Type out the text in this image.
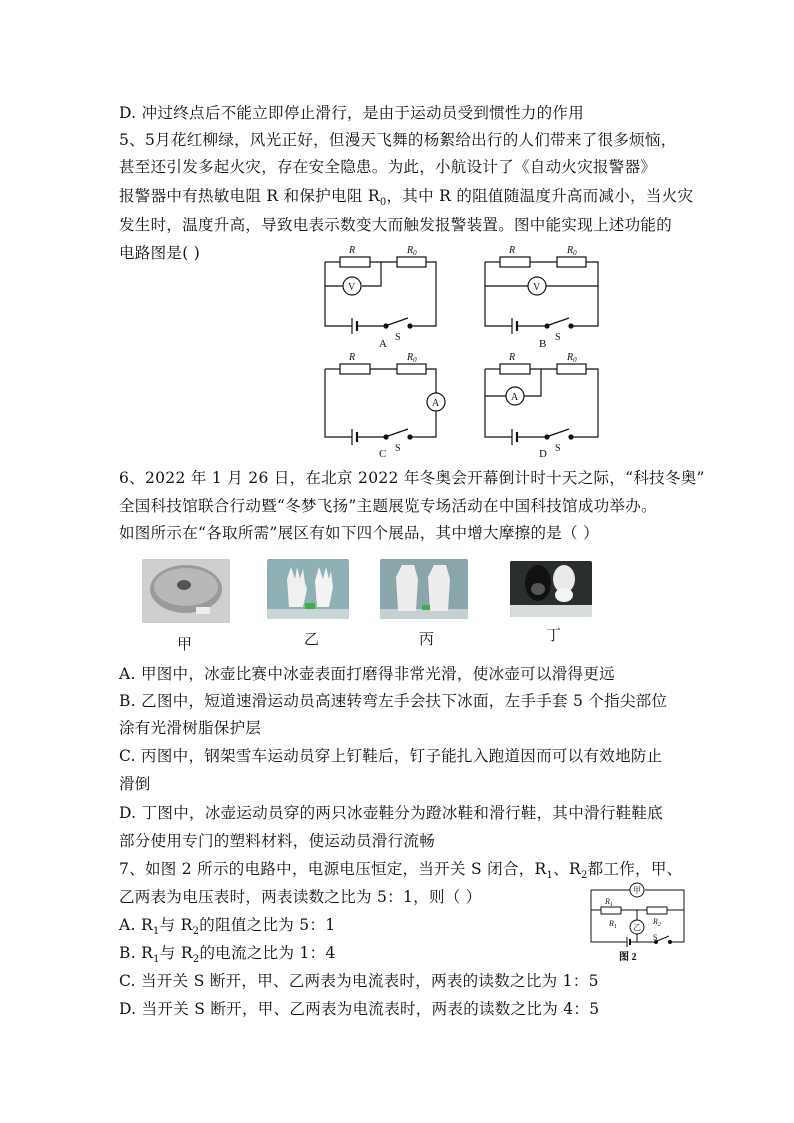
D. 冲过终点后不能立即停止滑行，是由于运动员受到惯性力的作用
5、5月花红柳绿，风光正好，但漫天飞舞的杨絮给出行的人们带来了很多烦恼，
甚至还引发多起火灾，存在安全隐患。为此，小航设计了《自动火灾报警器》
报警器中有热敏电阻 R 和保护电阻 $R_0$，其中 R 的阻值随温度升高而减小，当火灾
发生时，温度升高，导致电表示数变大而触发报警装置。图中能实现上述功能的
电路图是( )	R	$R_0$	R	$R_0$
R	$R_0$	R	$R_0$
V	V
A
A
S	S
S	S
A	B
C	D
6、2022 年 1 月 26 日，在北京 2022 年冬奥会开幕倒计时十天之际，“科技冬奥”
全国科技馆联合行动暨“冬梦飞扬”主题展览专场活动在中国科技馆成功举办。
如图所示在“各取所需”展区有如下四个展品，其中增大摩擦的是（ ）
甲	乙	丙	丁
A. 甲图中，冰壶比赛中冰壶表面打磨得非常光滑，使冰壶可以滑得更远
B. 乙图中，短道速滑运动员高速转弯左手会扶下冰面，左手手套 5 个指尖部位
涂有光滑树脂保护层
C. 丙图中，钢架雪车运动员穿上钉鞋后，钉子能扎入跑道因而可以有效地防止
滑倒
D. 丁图中，冰壶运动员穿的两只冰壶鞋分为蹬冰鞋和滑行鞋，其中滑行鞋鞋底
部分使用专门的塑料材料，使运动员滑行流畅
7、如图 2 所示的电路中，电源电压恒定，当开关 S 闭合，$R_1$、$R_2$都工作，甲、
乙两表为电压表时，两表读数之比为 5：1，则（ ）
A. $R_1$与 $R_2$的阻值之比为 5：1
B. $R_1$与 $R_2$的电流之比为 1：4
C. 当开关 S 断开，甲、乙两表为电流表时，两表的读数之比为 1：5
D. 当开关 S 断开，甲、乙两表为电流表时，两表的读数之比为 4：5
甲
乙
$R_1$
$R_1$
$R_2$
S
图 2
